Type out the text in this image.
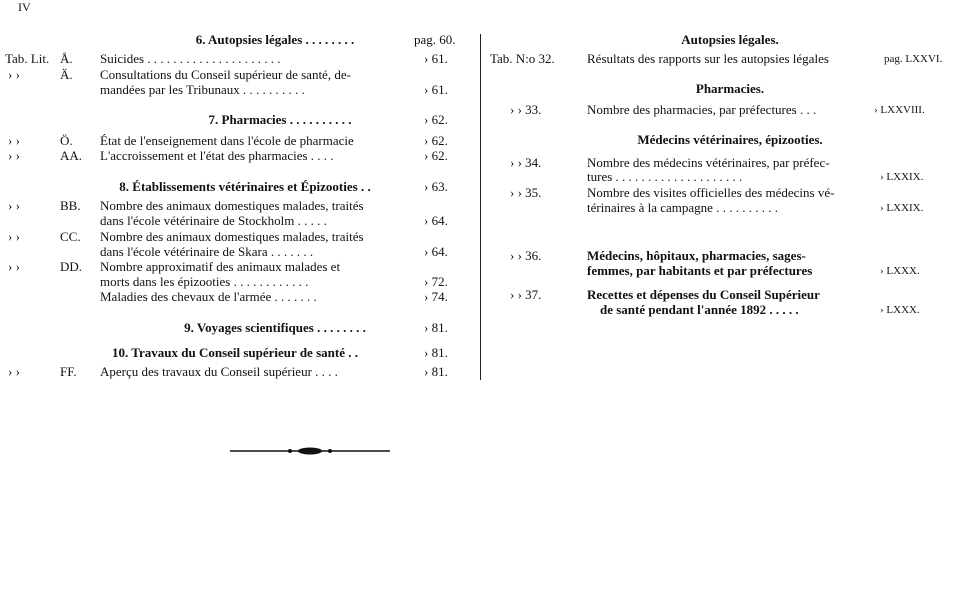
IV
6. Autopsies légales . . . . . . . .	pag. 60.
Tab. Lit. Å. Suicides . . . . . . . . . . . . . . . . . . . . .	› 61.
› ›	Ä. Consultations du Conseil supérieur de santé, de-
mandées par les Tribunaux . . . . . . . . . .	› 61.
7. Pharmacies . . . . . . . . . .	› 62.
› ›	Ö. État de l'enseignement dans l'école de pharmacie	› 62.
› ›	AA. L'accroissement et l'état des pharmacies . . . .	› 62.
8. Établissements vétérinaires et Épizooties . .	› 63.
› ›	BB. Nombre des animaux domestiques malades, traités
dans l'école vétérinaire de Stockholm . . . . .	› 64.
› ›	CC. Nombre des animaux domestiques malades, traités
dans l'école vétérinaire de Skara . . . . . . .	› 64.
› ›	DD. Nombre approximatif des animaux malades et
morts dans les épizooties . . . . . . . . . . . .	› 72.
Maladies des chevaux de l'armée . . . . . . .	› 74.
9. Voyages scientifiques . . . . . . . .	› 81.
10. Travaux du Conseil supérieur de santé . .	› 81.
› ›	FF. Aperçu des travaux du Conseil supérieur . . . .	› 81.
Autopsies légales.
Tab. N:o 32. Résultats des rapports sur les autopsies légales	pag. LXXVI.
Pharmacies.
› › 33.	Nombre des pharmacies, par préfectures . . .	› LXXVIII.
Médecins vétérinaires, épizooties.
› › 34.	Nombre des médecins vétérinaires, par préfec-
tures . . . . . . . . . . . . . . . . . . . .	› LXXIX.
› › 35.	Nombre des visites officielles des médecins vé-
térinaires à la campagne . . . . . . . . . .	› LXXIX.
› › 36.	Médecins, hôpitaux, pharmacies, sages-
femmes, par habitants et par préfectures	› LXXX.
› › 37.	Recettes et dépenses du Conseil Supérieur
de santé pendant l'année 1892 . . . . .	› LXXX.
